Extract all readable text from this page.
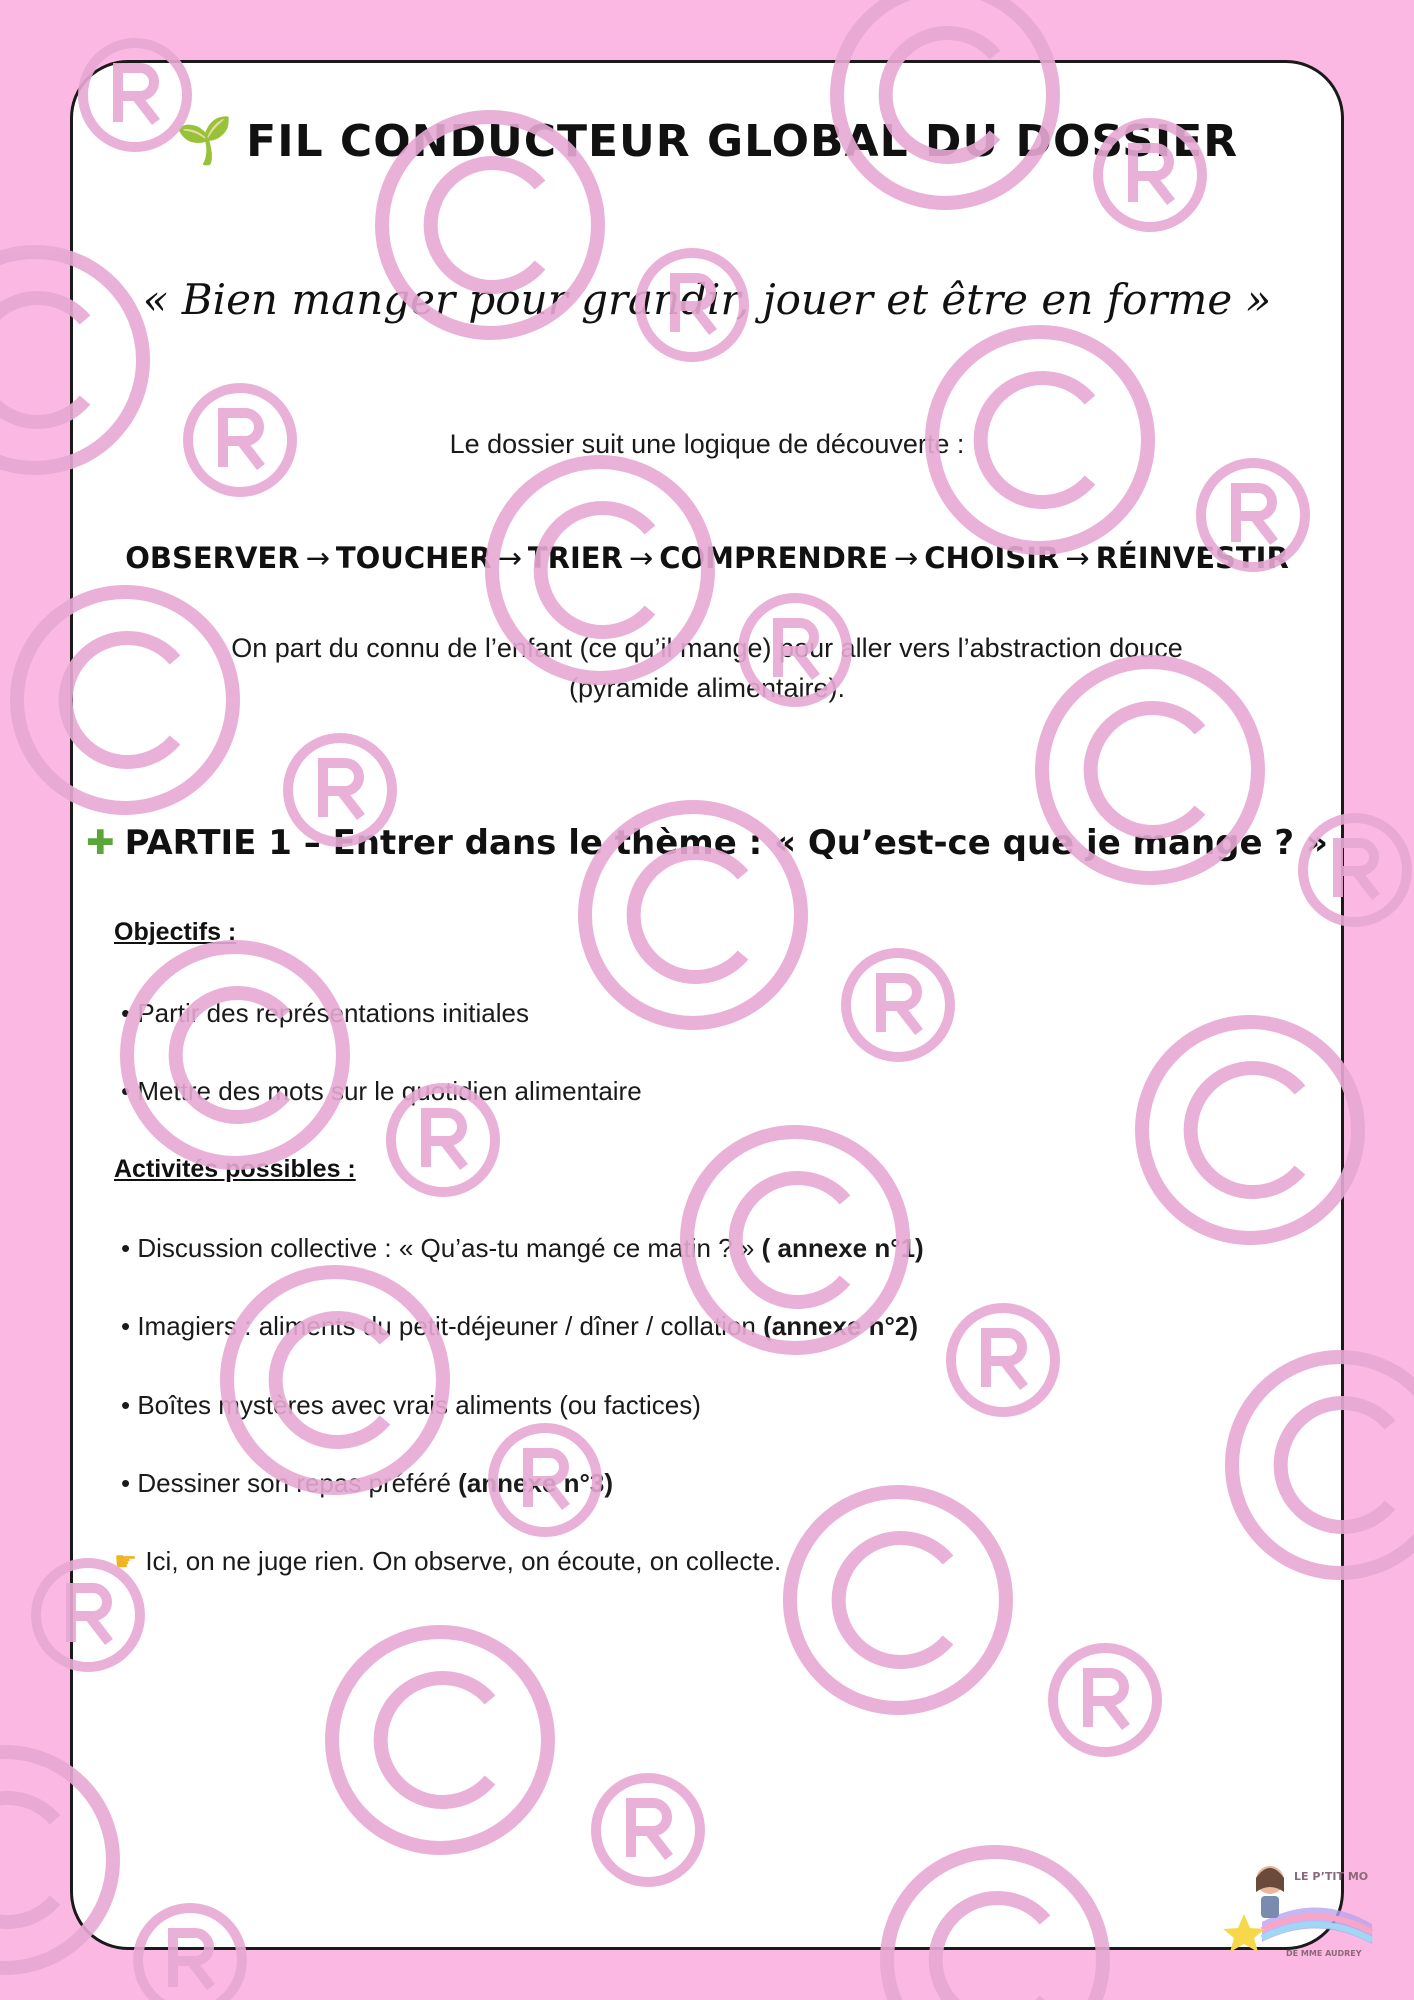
🌱 FIL CONDUCTEUR GLOBAL DU DOSSIER
« Bien manger pour grandir, jouer et être en forme »
Le dossier suit une logique de découverte :
OBSERVER → TOUCHER → TRIER → COMPRENDRE → CHOISIR → RÉINVESTIR
On part du connu de l’enfant (ce qu’il mange) pour aller vers l’abstraction douce (pyramide alimentaire).
✚ PARTIE 1 – Entrer dans le thème : « Qu’est-ce que je mange ? »
Objectifs :
• Partir des représentations initiales
• Mettre des mots sur le quotidien alimentaire
Activités possibles :
• Discussion collective : « Qu’as-tu mangé ce matin ? » ( annexe n°1)
• Imagiers : aliments du petit-déjeuner / dîner / collation (annexe n°2)
• Boîtes mystères avec vrais aliments (ou factices)
• Dessiner son repas préféré (annexe n°3)
☛ Ici, on ne juge rien. On observe, on écoute, on collecte.
LE P’TIT MO
DE MME AUDREY
